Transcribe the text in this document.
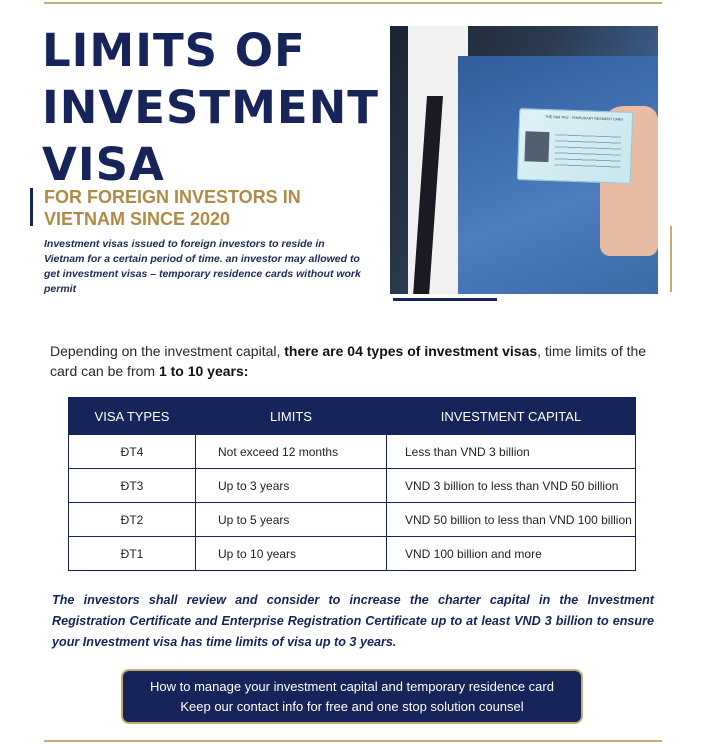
LIMITS OF
INVESTMENT
VISA
FOR FOREIGN INVESTORS IN
VIETNAM SINCE 2020
Investment visas issued to foreign investors to reside in Vietnam for a certain period of time. an investor may allowed to get investment visas – temporary residence cards without work permit
THẺ TẠM TRÚ - TEMPORARY RESIDENT CARD

Depending on the investment capital, there are 04 types of investment visas, time limits of the card can be from 1 to 10 years:

VISA TYPES	LIMITS	INVESTMENT CAPITAL
ĐT4	Not exceed 12 months	Less than VND 3 billion
ĐT3	Up to 3 years	VND 3 billion to less than VND 50 billion
ĐT2	Up to 5 years	VND 50 billion to less than VND 100 billion
ĐT1	Up to 10 years	VND 100 billion and more

The investors shall review and consider to increase the charter capital in the Investment Registration Certificate and Enterprise Registration Certificate up to at least VND 3 billion to ensure your Investment visa has time limits of visa up to 3 years.

How to manage your investment capital and temporary residence card
Keep our contact info for free and one stop solution counsel
